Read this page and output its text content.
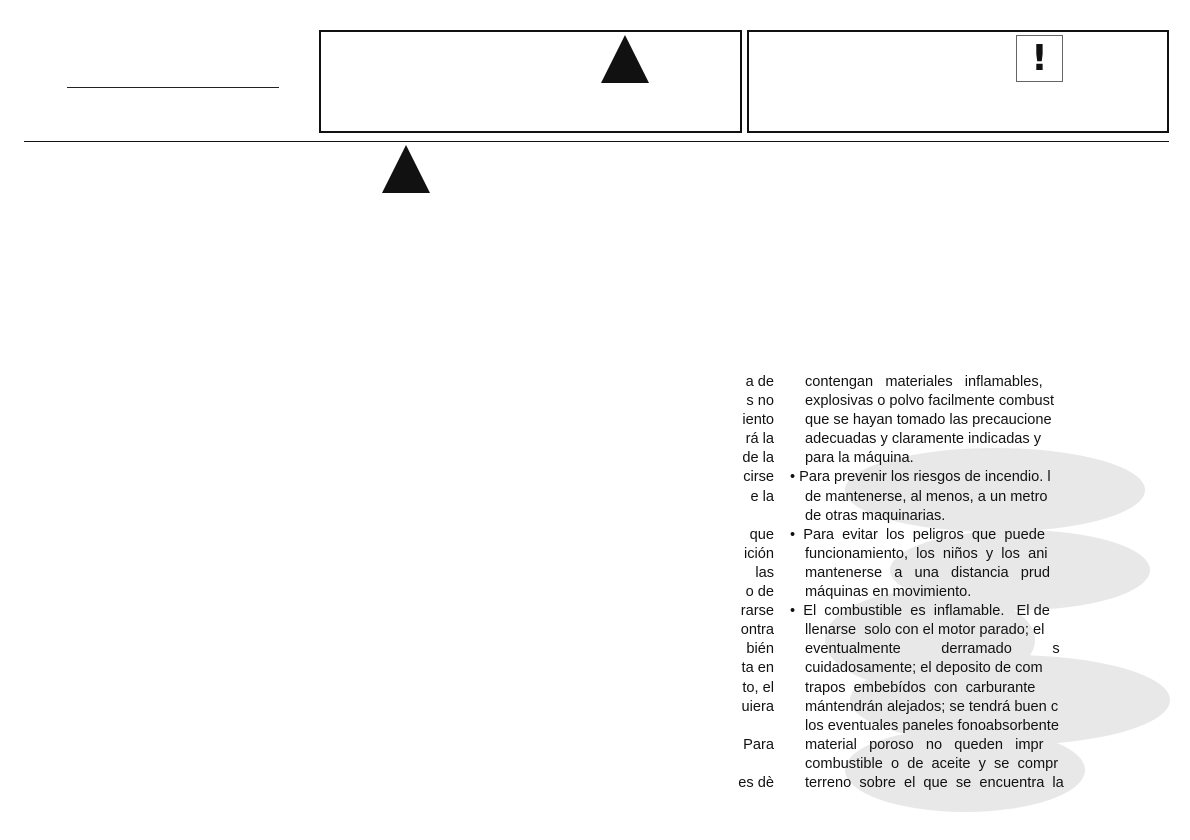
!	!
!
a de
s no
iento
rá la
de la
cirse
e la
que
ición
las
o de
rarse
ontra
bién
ta en
to, el
uiera
Para
es dè
contengan   materiales   inflamables,
explosivas o polvo facilmente combust
que se hayan tomado las precaucione
adecuadas y claramente indicadas y
para la máquina.
• Para prevenir los riesgos de incendio. l
de mantenerse, al menos, a un metro
de otras maquinarias.
•  Para  evitar  los  peligros  que  puede
funcionamiento,  los  niños  y  los  ani
mantenerse   a   una   distancia   prud
máquinas en movimiento.
•  El  combustible  es  inflamable.   El de
llenarse  solo con el motor parado; el
eventualmente          derramado          s
cuidadosamente; el deposito de com
trapos  embebídos  con  carburante
mántendrán alejados; se tendrá buen c
los eventuales paneles fonoabsorbente
material   poroso   no   queden   impr
combustible  o  de  aceite  y  se  compr
terreno  sobre  el  que  se  encuentra  la
